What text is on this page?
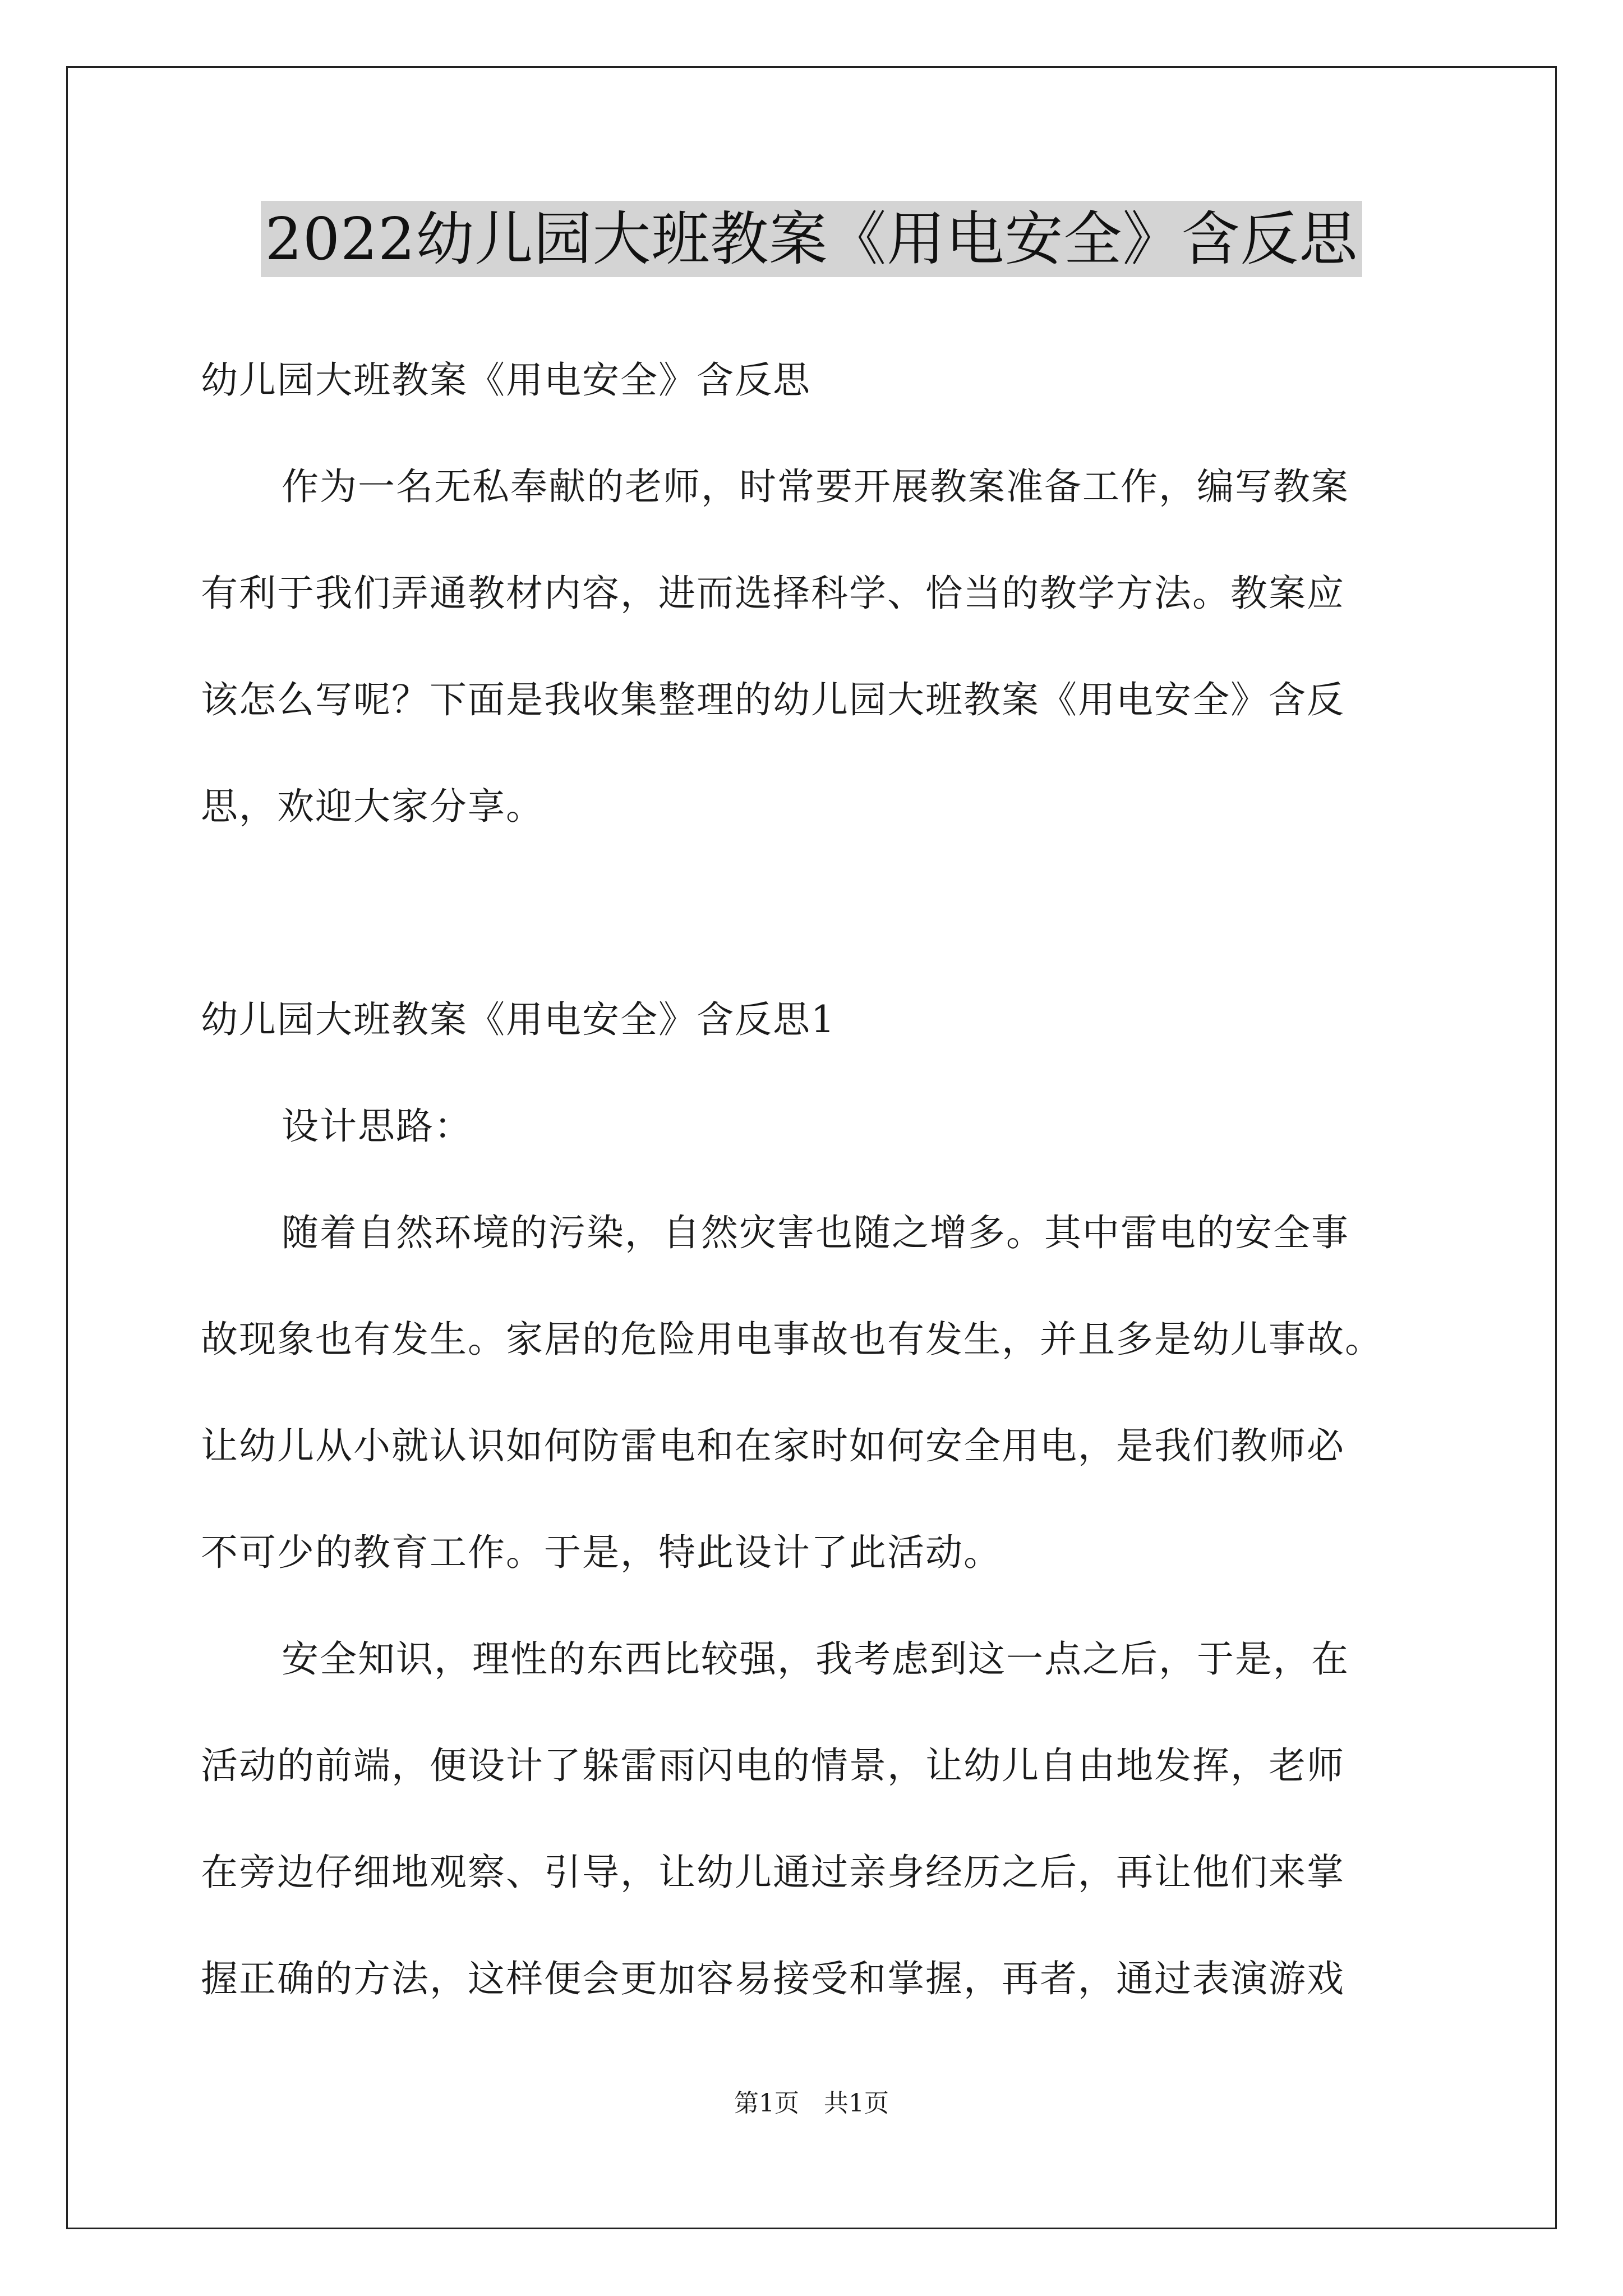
2022幼儿园大班教案《用电安全》含反思
幼儿园大班教案《用电安全》含反思
作为一名无私奉献的老师，时常要开展教案准备工作，编写教案
有利于我们弄通教材内容，进而选择科学、恰当的教学方法。教案应
该怎么写呢？下面是我收集整理的幼儿园大班教案《用电安全》含反
思，欢迎大家分享。
幼儿园大班教案《用电安全》含反思1
设计思路：
随着自然环境的污染，自然灾害也随之增多。其中雷电的安全事
故现象也有发生。家居的危险用电事故也有发生，并且多是幼儿事故。
让幼儿从小就认识如何防雷电和在家时如何安全用电，是我们教师必
不可少的教育工作。于是，特此设计了此活动。
安全知识，理性的东西比较强，我考虑到这一点之后，于是，在
活动的前端，便设计了躲雷雨闪电的情景，让幼儿自由地发挥，老师
在旁边仔细地观察、引导，让幼儿通过亲身经历之后，再让他们来掌
握正确的方法，这样便会更加容易接受和掌握，再者，通过表演游戏
第1页　共1页
